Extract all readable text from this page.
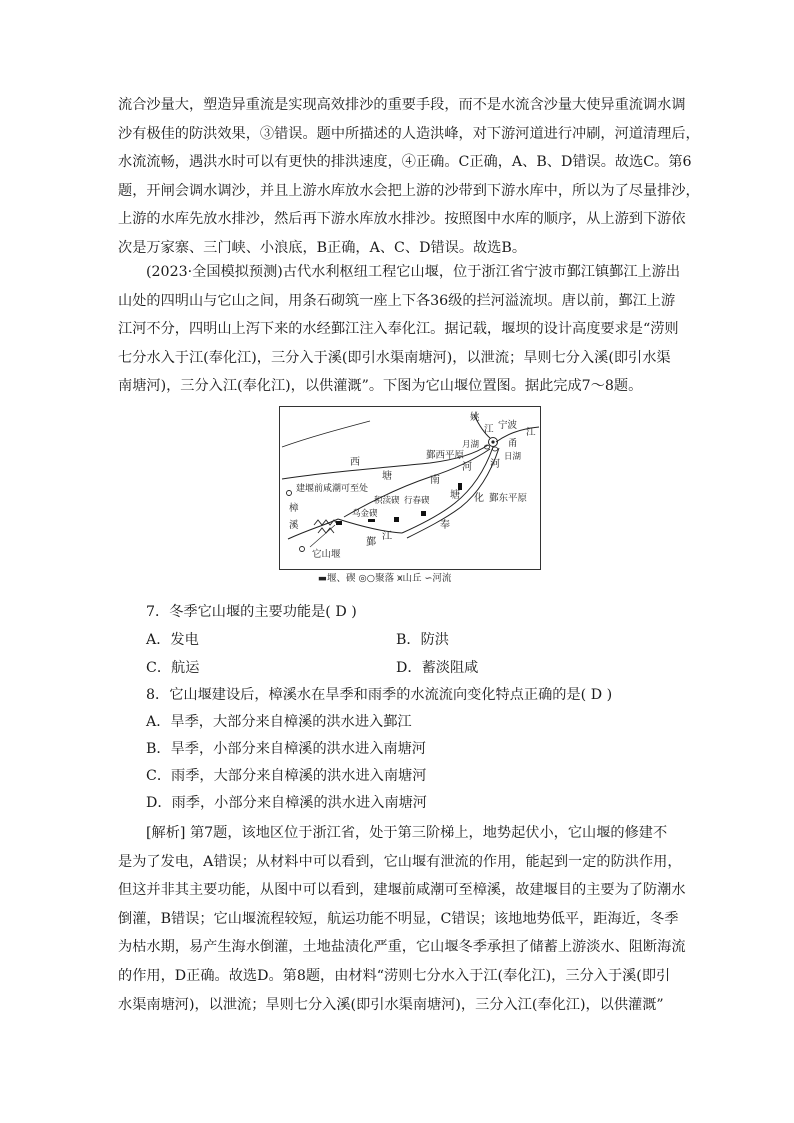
流合沙量大，塑造异重流是实现高效排沙的重要手段，而不是水流含沙量大使异重流调水调
沙有极佳的防洪效果，③错误。题中所描述的人造洪峰，对下游河道进行冲刷，河道清理后，
水流流畅，遇洪水时可以有更快的排洪速度，④正确。C正确，A、B、D错误。故选C。第6
题，开闸会调水调沙，并且上游水库放水会把上游的沙带到下游水库中，所以为了尽量排沙，
上游的水库先放水排沙，然后再下游水库放水排沙。按照图中水库的顺序，从上游到下游依
次是万家寨、三门峡、小浪底，B正确，A、C、D错误。故选B。

(2023·全国模拟预测)古代水利枢纽工程它山堰，位于浙江省宁波市鄞江镇鄞江上游出
山处的四明山与它山之间，用条石砌筑一座上下各36级的拦河溢流坝。唐以前，鄞江上游
江河不分，四明山上泻下来的水经鄞江注入奉化江。据记载，堰坝的设计高度要求是“涝则
七分水入于江(奉化江)，三分入于溪(即引水渠南塘河)，以泄流；旱则七分入溪(即引水渠
南塘河)，三分入江(奉化江)，以供灌溉”。下图为它山堰位置图。据此完成7～8题。

姚
江 宁波
月湖	甬
江
日湖
鄞西平原
西
塘
河
南
塘
河
化 鄞东平原
建堰前咸潮可至处
积渎碶 行春碶
乌金碶
樟
溪	奉
鄞
江
它山堰
▬堰、碶 ◎○聚落 ⩙山丘 ∽河流

7．冬季它山堰的主要功能是( D )

A．发电	B．防洪

C．航运	D．蓄淡阻咸

8．它山堰建设后，樟溪水在旱季和雨季的水流流向变化特点正确的是( D )

A．旱季，大部分来自樟溪的洪水进入鄞江

B．旱季，小部分来自樟溪的洪水进入南塘河

C．雨季，大部分来自樟溪的洪水进入南塘河

D．雨季，小部分来自樟溪的洪水进入南塘河

[解析] 第7题，该地区位于浙江省，处于第三阶梯上，地势起伏小，它山堰的修建不
是为了发电，A错误；从材料中可以看到，它山堰有泄流的作用，能起到一定的防洪作用，
但这并非其主要功能，从图中可以看到，建堰前咸潮可至樟溪，故建堰目的主要为了防潮水
倒灌，B错误；它山堰流程较短，航运功能不明显，C错误；该地地势低平，距海近，冬季
为枯水期，易产生海水倒灌，土地盐渍化严重，它山堰冬季承担了储蓄上游淡水、阻断海流
的作用，D正确。故选D。第8题，由材料“涝则七分水入于江(奉化江)，三分入于溪(即引
水渠南塘河)，以泄流；旱则七分入溪(即引水渠南塘河)，三分入江(奉化江)，以供灌溉”
